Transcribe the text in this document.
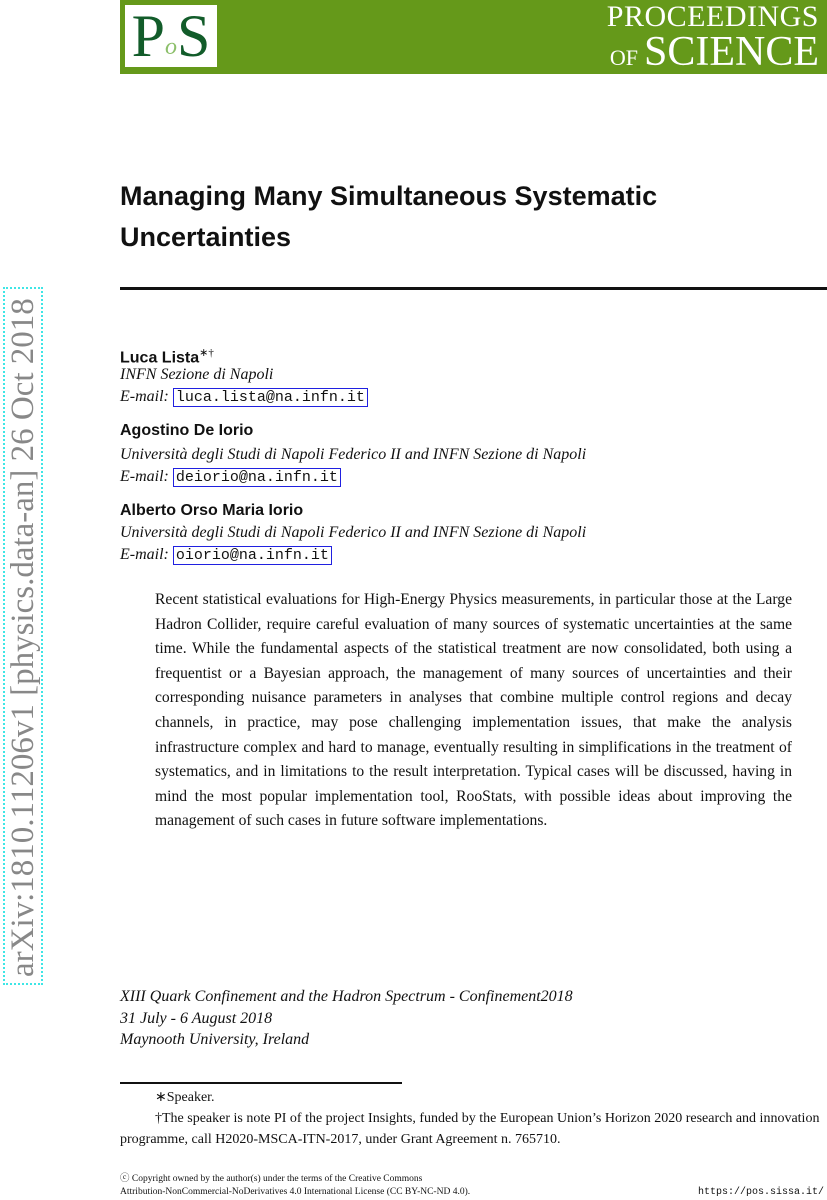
P o S	PROCEEDINGS
OF SCIENCE
arXiv:1810.11206v1 [physics.data-an] 26 Oct 2018
Managing Many Simultaneous Systematic Uncertainties
Luca Lista∗†
INFN Sezione di Napoli
E-mail: luca.lista@na.infn.it
Agostino De Iorio
Università degli Studi di Napoli Federico II and INFN Sezione di Napoli
E-mail: deiorio@na.infn.it
Alberto Orso Maria Iorio
Università degli Studi di Napoli Federico II and INFN Sezione di Napoli
E-mail: oiorio@na.infn.it
Recent statistical evaluations for High-Energy Physics measurements, in particular those at the Large Hadron Collider, require careful evaluation of many sources of systematic uncertainties at the same time. While the fundamental aspects of the statistical treatment are now consolidated, both using a frequentist or a Bayesian approach, the management of many sources of uncertainties and their corresponding nuisance parameters in analyses that combine multiple control regions and decay channels, in practice, may pose challenging implementation issues, that make the analysis infrastructure complex and hard to manage, eventually resulting in simplifications in the treatment of systematics, and in limitations to the result interpretation. Typical cases will be discussed, having in mind the most popular implementation tool, RooStats, with possible ideas about improving the management of such cases in future software implementations.
XIII Quark Confinement and the Hadron Spectrum - Confinement2018
31 July - 6 August 2018
Maynooth University, Ireland

∗Speaker.

†The speaker is note PI of the project Insights, funded by the European Union’s Horizon 2020 research and innovation programme, call H2020-MSCA-ITN-2017, under Grant Agreement n. 765710.

ⓒ Copyright owned by the author(s) under the terms of the Creative Commons
Attribution-NonCommercial-NoDerivatives 4.0 International License (CC BY-NC-ND 4.0).	https://pos.sissa.it/
